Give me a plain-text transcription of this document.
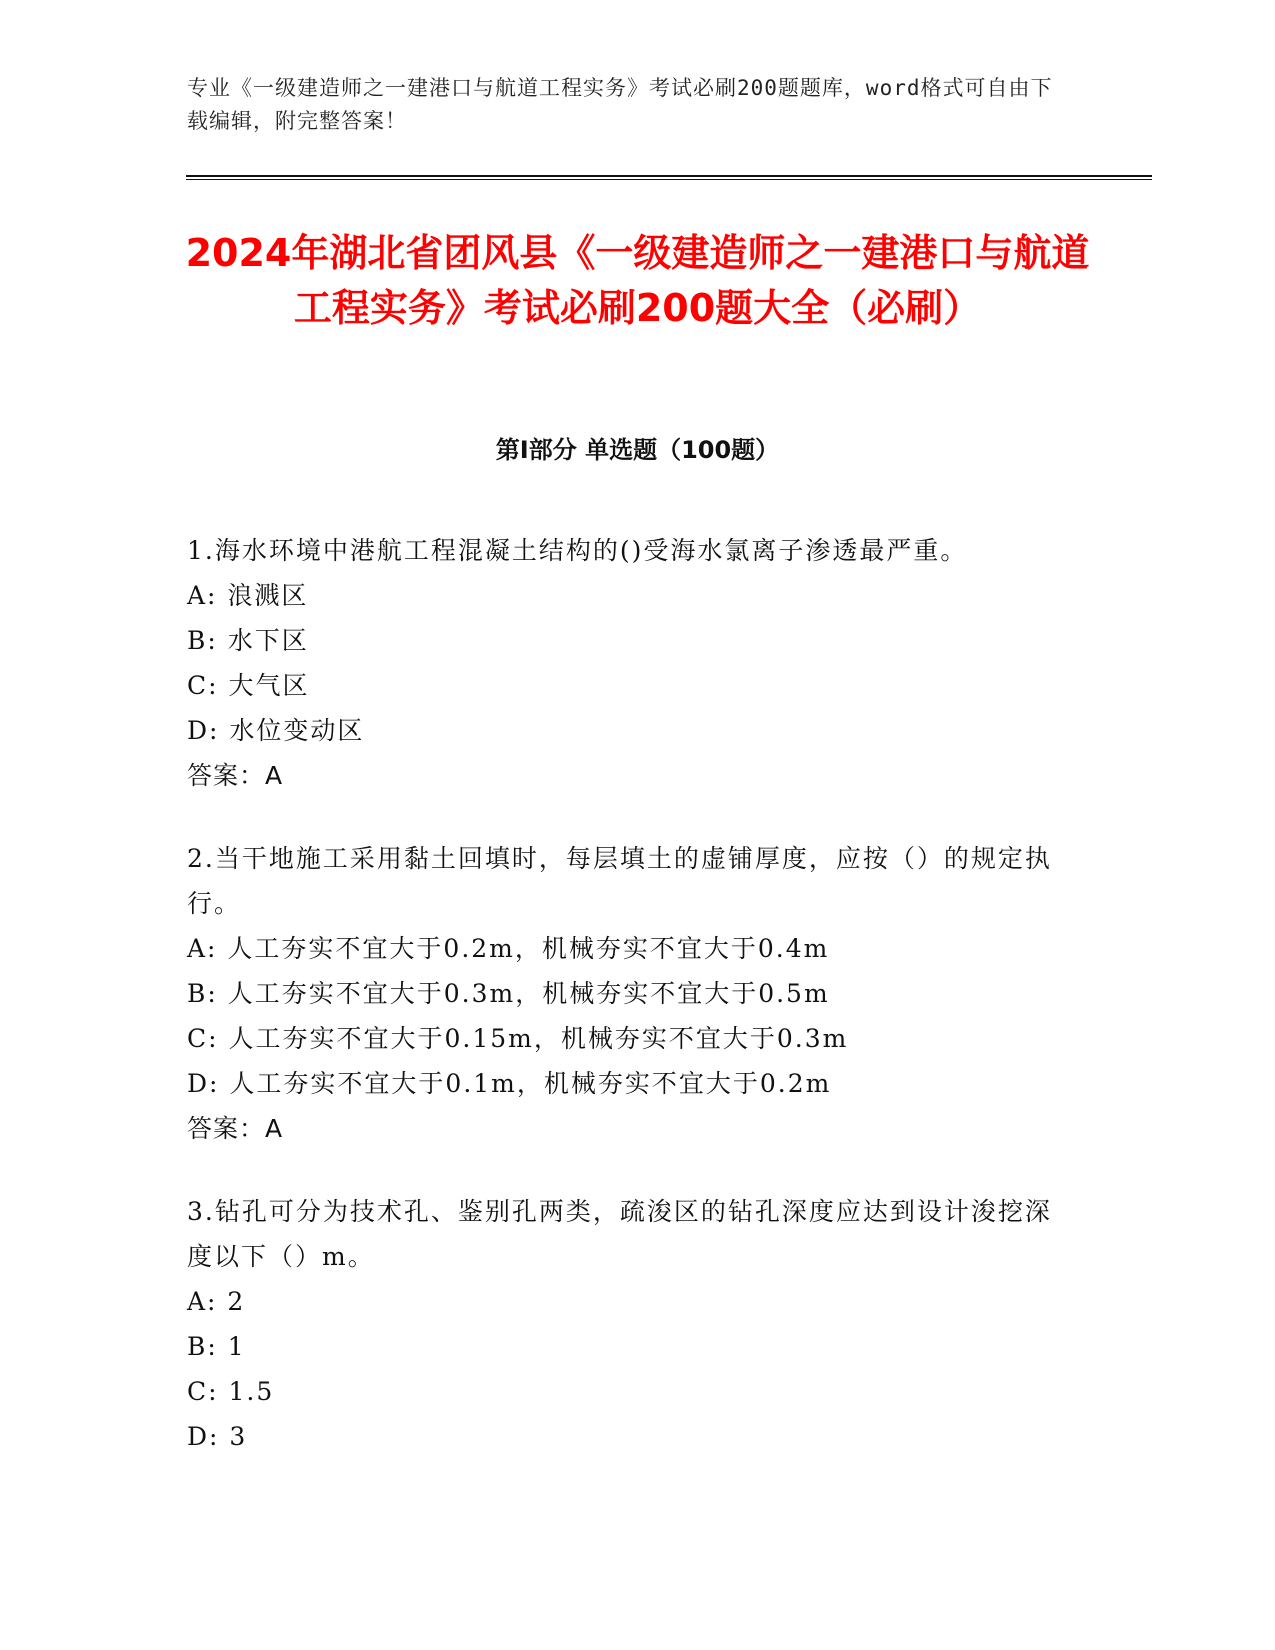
专业《一级建造师之一建港口与航道工程实务》考试必刷200题题库，word格式可自由下载编辑，附完整答案！
2024年湖北省团风县《一级建造师之一建港口与航道工程实务》考试必刷200题大全（必刷）
第I部分 单选题（100题）

1.海水环境中港航工程混凝土结构的()受海水氯离子渗透最严重。

A: 浪溅区

B: 水下区

C: 大气区

D: 水位变动区

答案：A

2.当干地施工采用黏土回填时，每层填土的虚铺厚度，应按（）的规定执行。

A: 人工夯实不宜大于0.2m，机械夯实不宜大于0.4m

B: 人工夯实不宜大于0.3m，机械夯实不宜大于0.5m

C: 人工夯实不宜大于0.15m，机械夯实不宜大于0.3m

D: 人工夯实不宜大于0.1m，机械夯实不宜大于0.2m

答案：A

3.钻孔可分为技术孔、鉴别孔两类，疏浚区的钻孔深度应达到设计浚挖深度以下（）m。

A: 2

B: 1

C: 1.5

D: 3
